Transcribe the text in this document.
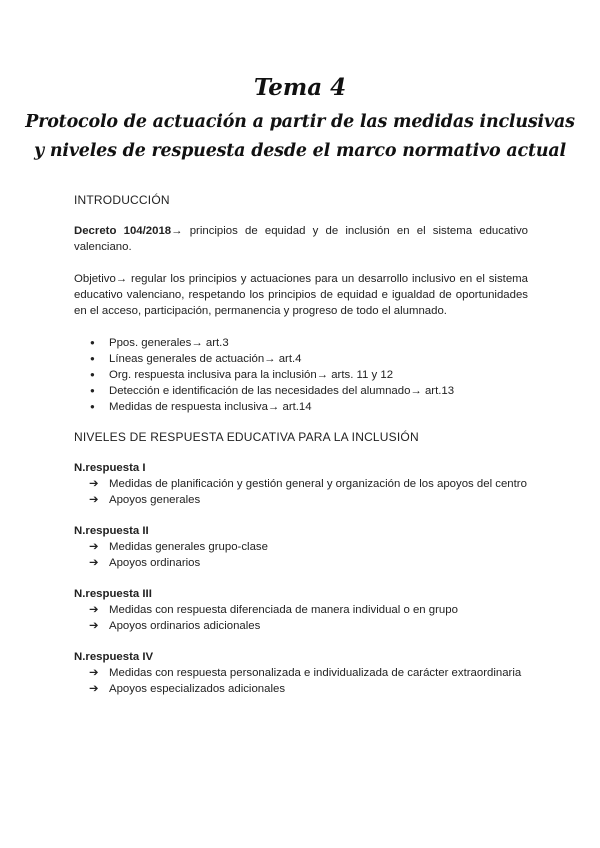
Tema 4
Protocolo de actuación a partir de las medidas inclusivas
y niveles de respuesta desde el marco normativo actual

INTRODUCCIÓN

Decreto 104/2018→ principios de equidad y de inclusión en el sistema educativo valenciano.

Objetivo→ regular los principios y actuaciones para un desarrollo inclusivo en el sistema educativo valenciano, respetando los principios de equidad e igualdad de oportunidades en el acceso, participación, permanencia y progreso de todo el alumnado.

● Ppos. generales→ art.3
● Líneas generales de actuación→ art.4
● Org. respuesta inclusiva para la inclusión→ arts. 11 y 12
● Detección e identificación de las necesidades del alumnado→ art.13
● Medidas de respuesta inclusiva→ art.14

NIVELES DE RESPUESTA EDUCATIVA PARA LA INCLUSIÓN

N.respuesta I

➔ Medidas de planificación y gestión general y organización de los apoyos del centro
➔ Apoyos generales

N.respuesta II

➔ Medidas generales grupo-clase
➔ Apoyos ordinarios

N.respuesta III

➔ Medidas con respuesta diferenciada de manera individual o en grupo
➔ Apoyos ordinarios adicionales

N.respuesta IV

➔ Medidas con respuesta personalizada e individualizada de carácter extraordinaria
➔ Apoyos especializados adicionales
